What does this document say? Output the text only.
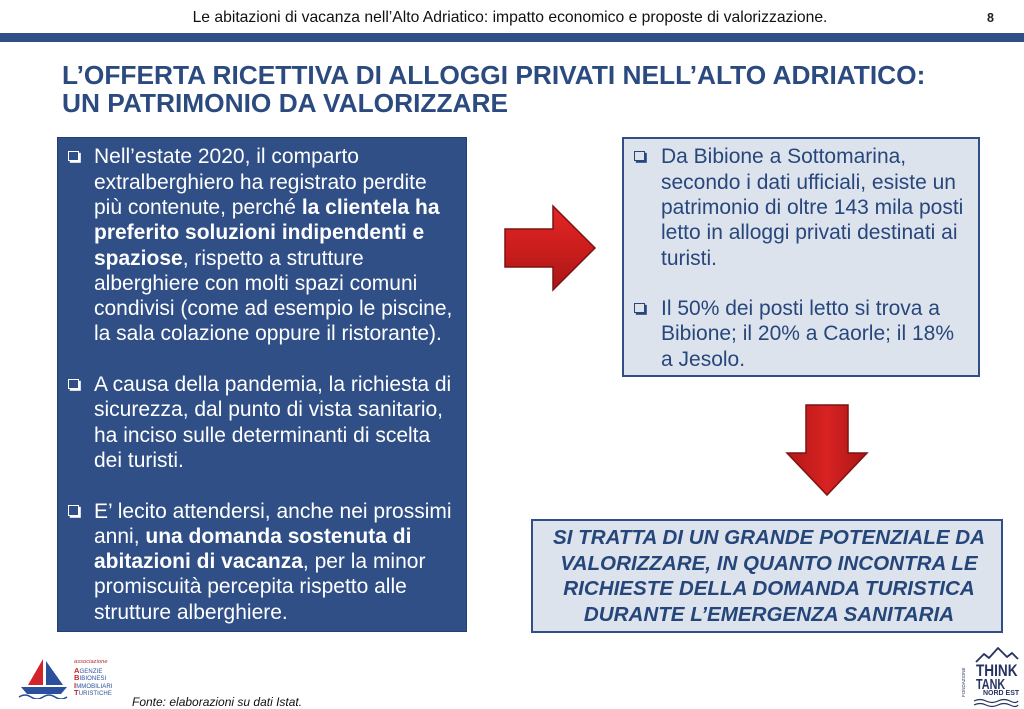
Le abitazioni di vacanza nell’Alto Adriatico: impatto economico e proposte di valorizzazione.	8
L’OFFERTA RICETTIVA DI ALLOGGI PRIVATI NELL’ALTO ADRIATICO:
UN PATRIMONIO DA VALORIZZARE
Nell’estate 2020, il comparto
extralberghiero ha registrato perdite
più contenute, perché la clientela ha
preferito soluzioni indipendenti e
spaziose, rispetto a strutture
alberghiere con molti spazi comuni
condivisi (come ad esempio le piscine,
la sala colazione oppure il ristorante).
A causa della pandemia, la richiesta di
sicurezza, dal punto di vista sanitario,
ha inciso sulle determinanti di scelta
dei turisti.
E’ lecito attendersi, anche nei prossimi
anni, una domanda sostenuta di
abitazioni di vacanza, per la minor
promiscuità percepita rispetto alle
strutture alberghiere.
Da Bibione a Sottomarina,
secondo i dati ufficiali, esiste un
patrimonio di oltre 143 mila posti
letto in alloggi privati destinati ai
turisti.
Il 50% dei posti letto si trova a
Bibione; il 20% a Caorle; il 18%
a Jesolo.
SI TRATTA DI UN GRANDE POTENZIALE DA
VALORIZZARE, IN QUANTO INCONTRA LE
RICHIESTE DELLA DOMANDA TURISTICA
DURANTE L’EMERGENZA SANITARIA
associazione
AGENZIE
BIBIONESI
IMMOBILIARI
TURISTICHE
Fonte: elaborazioni su dati Istat.
THINK
TANK
NORD EST
FONDAZIONE
